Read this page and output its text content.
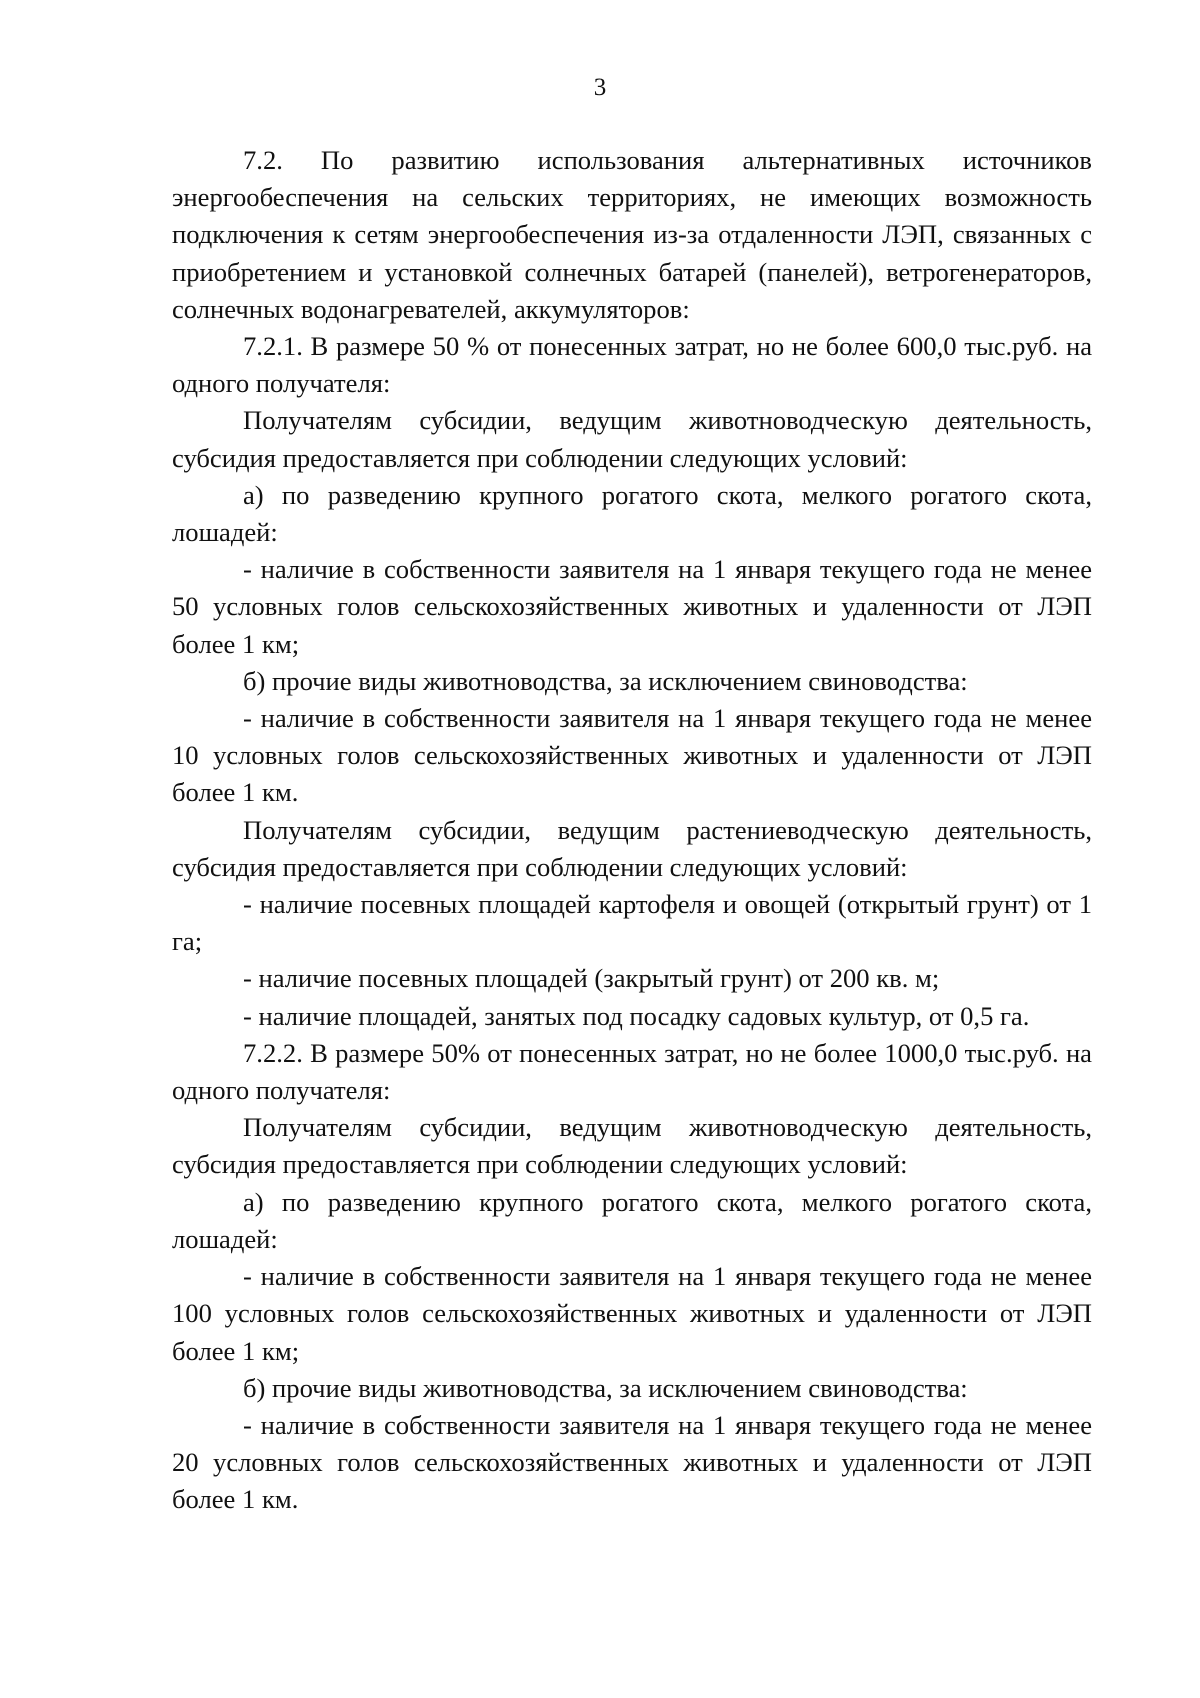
3

7.2. По развитию использования альтернативных источников энергообеспечения на сельских территориях, не имеющих возможность подключения к сетям энергообеспечения из-за отдаленности ЛЭП, связанных с приобретением и установкой солнечных батарей (панелей), ветрогенераторов, солнечных водонагревателей, аккумуляторов:

7.2.1. В размере 50 % от понесенных затрат, но не более 600,0 тыс.руб. на одного получателя:

Получателям субсидии, ведущим животноводческую деятельность, субсидия предоставляется при соблюдении следующих условий:

а) по разведению крупного рогатого скота, мелкого рогатого скота, лошадей:

- наличие в собственности заявителя на 1 января текущего года не менее 50 условных голов сельскохозяйственных животных и удаленности от ЛЭП более 1 км;

б) прочие виды животноводства, за исключением свиноводства:

- наличие в собственности заявителя на 1 января текущего года не менее 10 условных голов сельскохозяйственных животных и удаленности от ЛЭП более 1 км.

Получателям субсидии, ведущим растениеводческую деятельность, субсидия предоставляется при соблюдении следующих условий:

- наличие посевных площадей картофеля и овощей (открытый грунт) от 1 га;

- наличие посевных площадей (закрытый грунт) от 200 кв. м;

- наличие площадей, занятых под посадку садовых культур, от 0,5 га.

7.2.2. В размере 50% от понесенных затрат, но не более 1000,0 тыс.руб. на одного получателя:

Получателям субсидии, ведущим животноводческую деятельность, субсидия предоставляется при соблюдении следующих условий:

а) по разведению крупного рогатого скота, мелкого рогатого скота, лошадей:

- наличие в собственности заявителя на 1 января текущего года не менее 100 условных голов сельскохозяйственных животных и удаленности от ЛЭП более 1 км;

б) прочие виды животноводства, за исключением свиноводства:

- наличие в собственности заявителя на 1 января текущего года не менее 20 условных голов сельскохозяйственных животных и удаленности от ЛЭП более 1 км.
